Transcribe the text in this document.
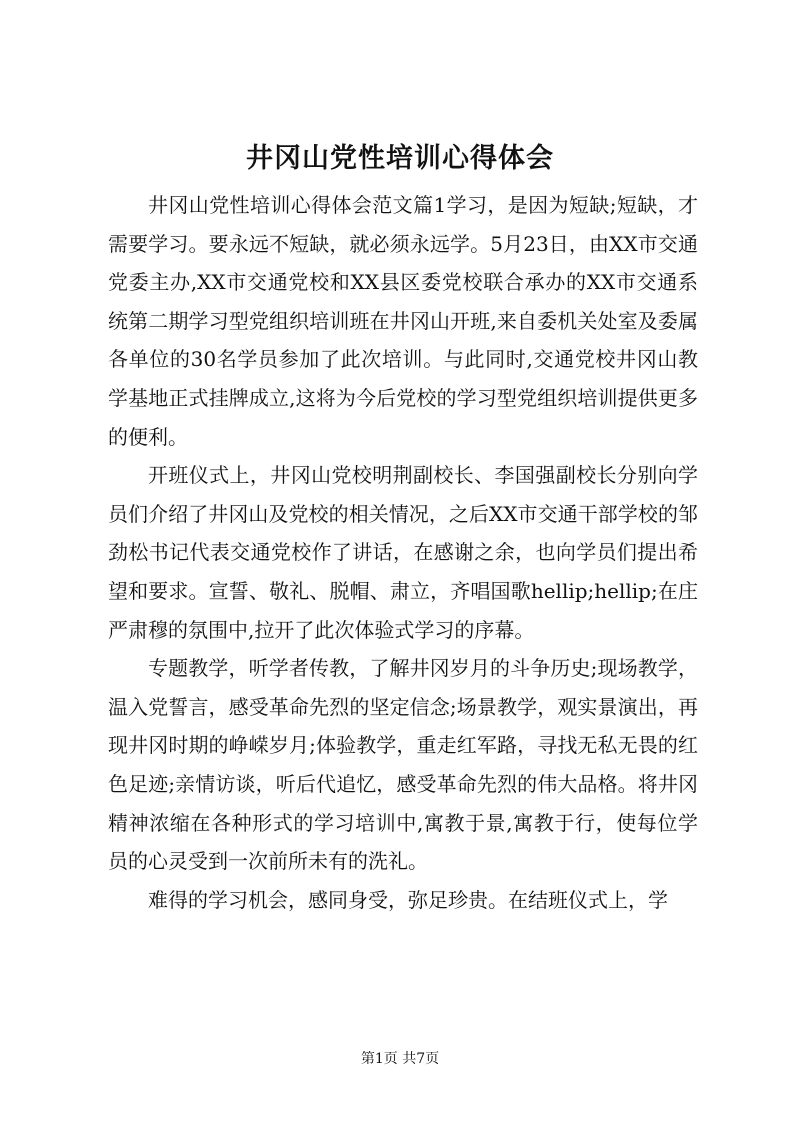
井冈山党性培训心得体会

井冈山党性培训心得体会范文篇1学习，是因为短缺;短缺，才需要学习。要永远不短缺，就必须永远学。5月23日，由XX市交通党委主办,XX市交通党校和XX县区委党校联合承办的XX市交通系统第二期学习型党组织培训班在井冈山开班,来自委机关处室及委属各单位的30名学员参加了此次培训。与此同时,交通党校井冈山教学基地正式挂牌成立,这将为今后党校的学习型党组织培训提供更多的便利。

开班仪式上，井冈山党校明荆副校长、李国强副校长分别向学员们介绍了井冈山及党校的相关情况，之后XX市交通干部学校的邹劲松书记代表交通党校作了讲话，在感谢之余，也向学员们提出希望和要求。宣誓、敬礼、脱帽、肃立，齐唱国歌hellip;hellip;在庄严肃穆的氛围中,拉开了此次体验式学习的序幕。

专题教学，听学者传教，了解井冈岁月的斗争历史;现场教学，温入党誓言，感受革命先烈的坚定信念;场景教学，观实景演出，再现井冈时期的峥嵘岁月;体验教学，重走红军路，寻找无私无畏的红色足迹;亲情访谈，听后代追忆，感受革命先烈的伟大品格。将井冈精神浓缩在各种形式的学习培训中,寓教于景,寓教于行，使每位学员的心灵受到一次前所未有的洗礼。

难得的学习机会，感同身受，弥足珍贵。在结班仪式上，学

第1页 共7页
